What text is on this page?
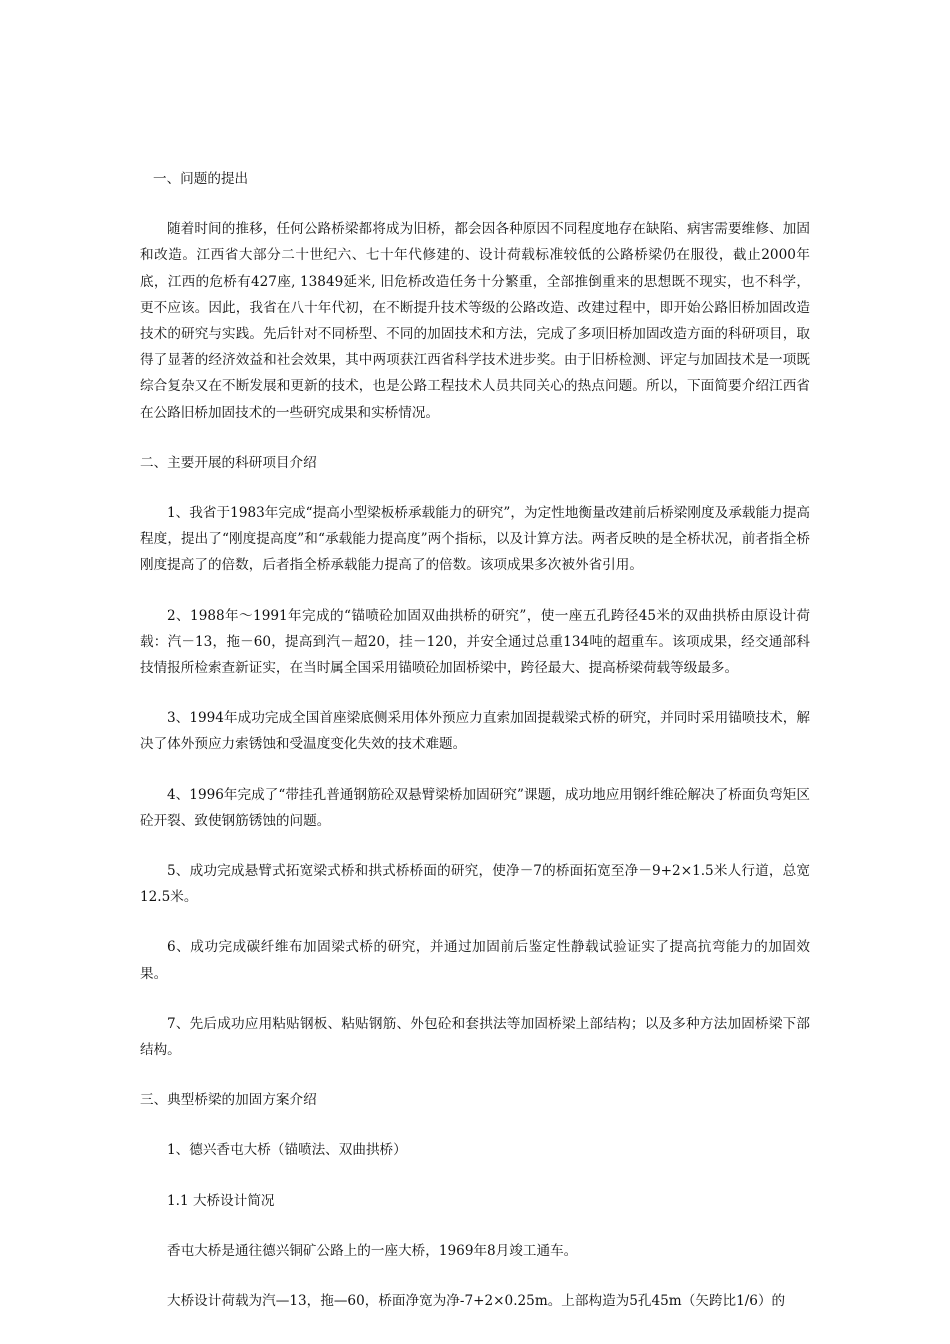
一、问题的提出

随着时间的推移，任何公路桥梁都将成为旧桥，都会因各种原因不同程度地存在缺陷、病害需要维修、加固和改造。江西省大部分二十世纪六、七十年代修建的、设计荷载标准较低的公路桥梁仍在服役，截止2000年底，江西的危桥有427座, 13849延米, 旧危桥改造任务十分繁重，全部推倒重来的思想既不现实，也不科学，更不应该。因此，我省在八十年代初，在不断提升技术等级的公路改造、改建过程中，即开始公路旧桥加固改造技术的研究与实践。先后针对不同桥型、不同的加固技术和方法，完成了多项旧桥加固改造方面的科研项目，取得了显著的经济效益和社会效果，其中两项获江西省科学技术进步奖。由于旧桥检测、评定与加固技术是一项既综合复杂又在不断发展和更新的技术，也是公路工程技术人员共同关心的热点问题。所以，下面简要介绍江西省在公路旧桥加固技术的一些研究成果和实桥情况。

二、主要开展的科研项目介绍

1、我省于1983年完成“提高小型梁板桥承载能力的研究”，为定性地衡量改建前后桥梁刚度及承载能力提高程度，提出了“刚度提高度”和“承载能力提高度”两个指标，以及计算方法。两者反映的是全桥状况，前者指全桥刚度提高了的倍数，后者指全桥承载能力提高了的倍数。该项成果多次被外省引用。

2、1988年～1991年完成的“锚喷砼加固双曲拱桥的研究”，使一座五孔跨径45米的双曲拱桥由原设计荷载：汽－13，拖－60，提高到汽－超20，挂－120，并安全通过总重134吨的超重车。该项成果，经交通部科技情报所检索查新证实，在当时属全国采用锚喷砼加固桥梁中，跨径最大、提高桥梁荷载等级最多。

3、1994年成功完成全国首座梁底侧采用体外预应力直索加固提载梁式桥的研究，并同时采用锚喷技术，解决了体外预应力索锈蚀和受温度变化失效的技术难题。

4、1996年完成了“带挂孔普通钢筋砼双悬臂梁桥加固研究”课题，成功地应用钢纤维砼解决了桥面负弯矩区砼开裂、致使钢筋锈蚀的问题。

5、成功完成悬臂式拓宽梁式桥和拱式桥桥面的研究，使净－7的桥面拓宽至净－9+2×1.5米人行道，总宽12.5米。

6、成功完成碳纤维布加固梁式桥的研究，并通过加固前后鉴定性静载试验证实了提高抗弯能力的加固效果。

7、先后成功应用粘贴钢板、粘贴钢筋、外包砼和套拱法等加固桥梁上部结构；以及多种方法加固桥梁下部结构。

三、典型桥梁的加固方案介绍

1、德兴香屯大桥（锚喷法、双曲拱桥）

1.1 大桥设计简况

香屯大桥是通往德兴铜矿公路上的一座大桥，1969年8月竣工通车。

大桥设计荷载为汽—13，拖—60，桥面净宽为净-7+2×0.25m。上部构造为5孔45m（矢跨比1/6）的
